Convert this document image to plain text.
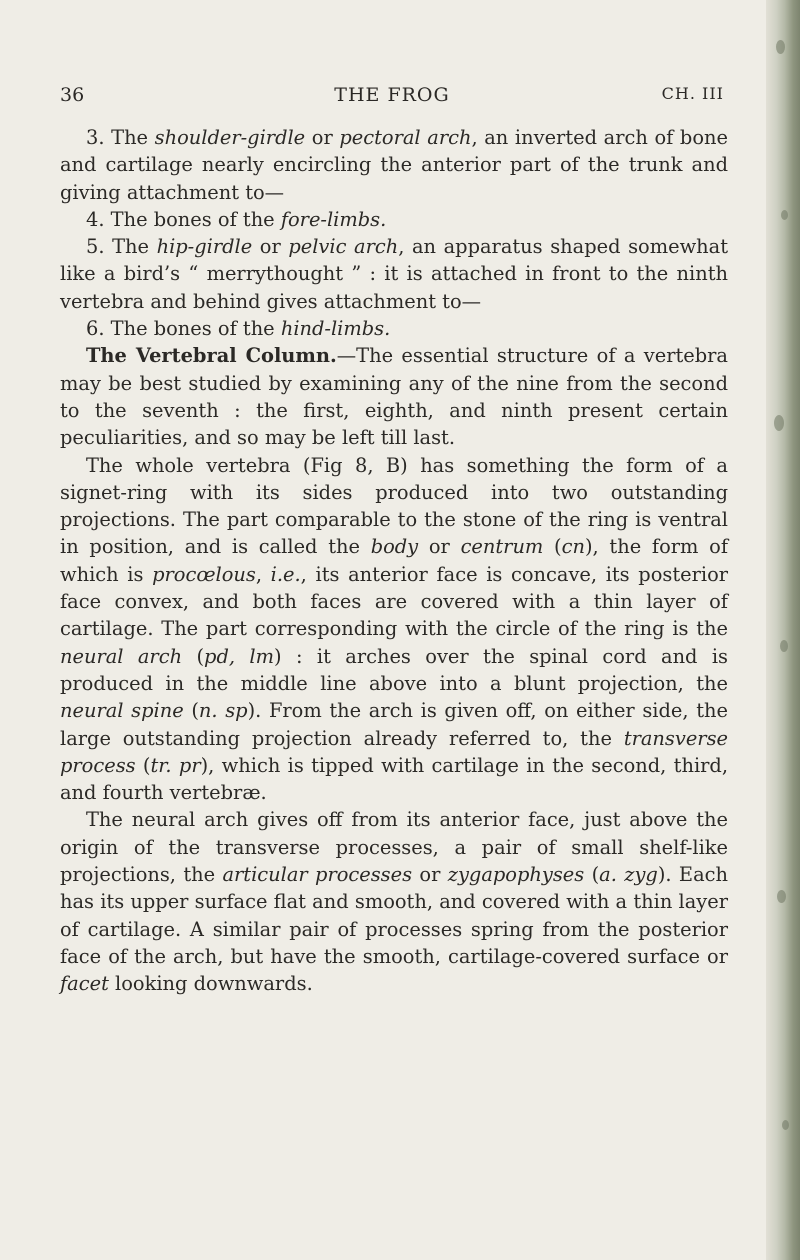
36	THE FROG	CH. III

3. The shoulder-girdle or pectoral arch, an inverted arch of bone and cartilage nearly encircling the anterior part of the trunk and giving attachment to—

4. The bones of the fore-limbs.

5. The hip-girdle or pelvic arch, an apparatus shaped somewhat like a bird’s “ merrythought ” : it is attached in front to the ninth vertebra and behind gives attachment to—

6. The bones of the hind-limbs.

The Vertebral Column.—The essential structure of a vertebra may be best studied by examining any of the nine from the second to the seventh : the first, eighth, and ninth present certain peculiarities, and so may be left till last.

The whole vertebra (Fig 8, B) has something the form of a signet-ring with its sides produced into two outstanding projections. The part comparable to the stone of the ring is ventral in position, and is called the body or centrum (cn), the form of which is procœlous, i.e., its anterior face is concave, its posterior face convex, and both faces are covered with a thin layer of cartilage. The part corresponding with the circle of the ring is the neural arch (pd, lm) : it arches over the spinal cord and is produced in the middle line above into a blunt projection, the neural spine (n. sp). From the arch is given off, on either side, the large outstanding projection already referred to, the transverse process (tr. pr), which is tipped with cartilage in the second, third, and fourth vertebræ.

The neural arch gives off from its anterior face, just above the origin of the transverse processes, a pair of small shelf-like projections, the articular processes or zygapophyses (a. zyg). Each has its upper surface flat and smooth, and covered with a thin layer of cartilage. A similar pair of processes spring from the posterior face of the arch, but have the smooth, cartilage-covered surface or facet looking downwards.
